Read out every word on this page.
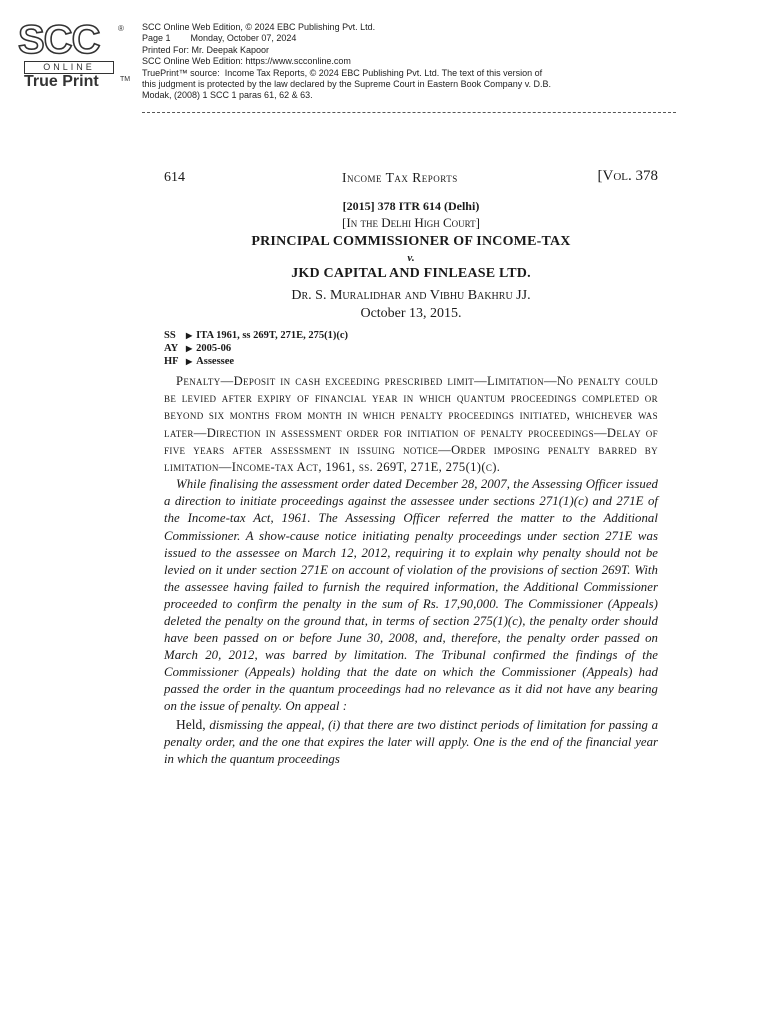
SCC ®
ONLINE
True Print	TM
SCC Online Web Edition, © 2024 EBC Publishing Pvt. Ltd.
Page 1        Monday, October 07, 2024
Printed For: Mr. Deepak Kapoor
SCC Online Web Edition: https://www.scconline.com
TruePrint™ source:  Income Tax Reports, © 2024 EBC Publishing Pvt. Ltd. The text of this version of
this judgment is protected by the law declared by the Supreme Court in Eastern Book Company v. D.B.
Modak, (2008) 1 SCC 1 paras 61, 62 & 63.
614	Income Tax Reports	[Vol. 378
[2015] 378 ITR 614 (Delhi)
[In the Delhi High Court]
PRINCIPAL COMMISSIONER OF INCOME-TAX
v.
JKD CAPITAL AND FINLEASE LTD.
Dr. S. Muralidhar and Vibhu Bakhru JJ.
October 13, 2015.
SS	▶ ITA 1961, ss 269T, 271E, 275(1)(c)
AY ▶ 2005-06
HF ▶ Assessee
Penalty—Deposit in cash exceeding prescribed limit—Limitation—No penalty could be levied after expiry of financial year in which quantum proceedings completed or beyond six months from month in which penalty proceedings initiated, whichever was later—Direction in assessment order for initiation of penalty proceedings—Delay of five years after assessment in issuing notice—Order imposing penalty barred by limitation—Income-tax Act, 1961, ss. 269T, 271E, 275(1)(c).
While finalising the assessment order dated December 28, 2007, the Assessing Officer issued a direction to initiate proceedings against the assessee under sections 271(1)(c) and 271E of the Income-tax Act, 1961. The Assessing Officer referred the matter to the Additional Commissioner. A show-cause notice initiating penalty proceedings under section 271E was issued to the assessee on March 12, 2012, requiring it to explain why penalty should not be levied on it under section 271E on account of violation of the provisions of section 269T. With the assessee having failed to furnish the required information, the Additional Commissioner proceeded to confirm the penalty in the sum of Rs. 17,90,000. The Commissioner (Appeals) deleted the penalty on the ground that, in terms of section 275(1)(c), the penalty order should have been passed on or before June 30, 2008, and, therefore, the penalty order passed on March 20, 2012, was barred by limitation. The Tribunal confirmed the findings of the Commissioner (Appeals) holding that the date on which the Commissioner (Appeals) had passed the order in the quantum proceedings had no relevance as it did not have any bearing on the issue of penalty. On appeal :
Held, dismissing the appeal, (i) that there are two distinct periods of limitation for passing a penalty order, and the one that expires the later will apply. One is the end of the financial year in which the quantum proceedings
